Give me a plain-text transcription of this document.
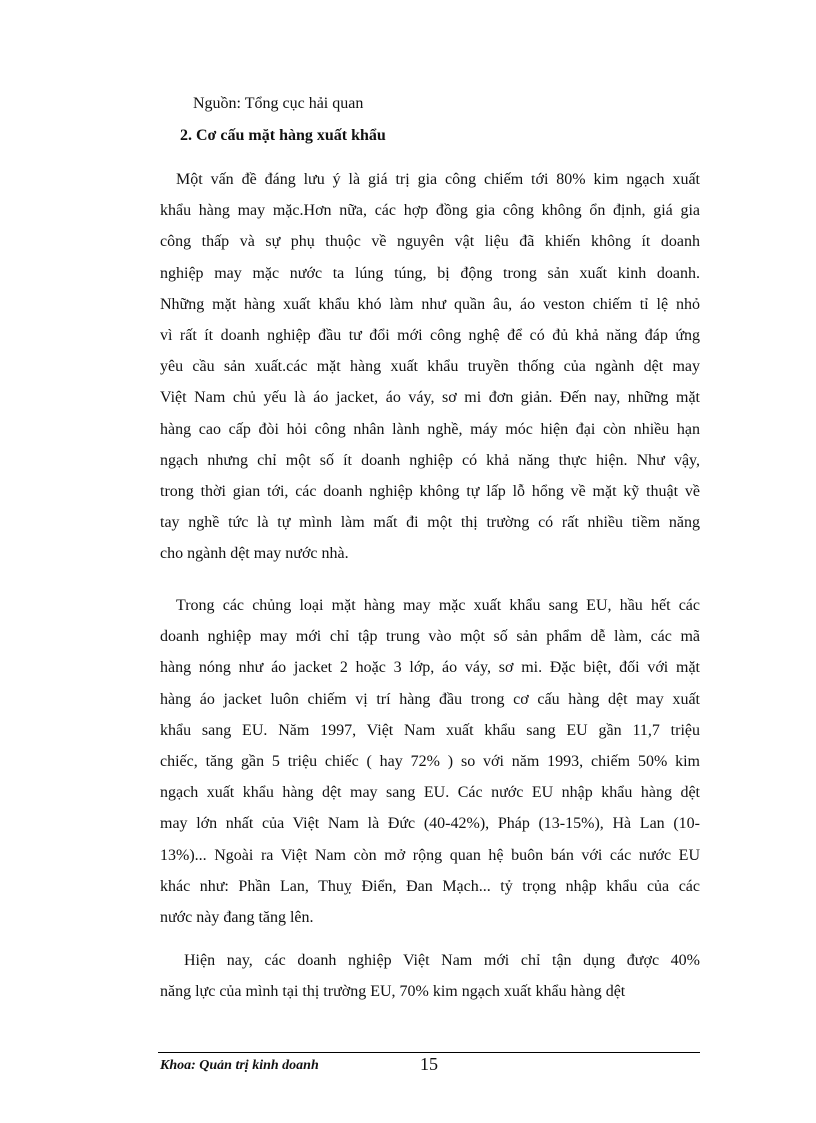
Nguồn: Tổng cục hải quan
2. Cơ cấu mặt hàng xuất khẩu
Một vấn đề đáng lưu ý là giá trị gia công chiếm tới 80% kim ngạch xuất
khẩu hàng may mặc.Hơn nữa, các hợp đồng gia công không ổn định, giá gia
công thấp và sự phụ thuộc về nguyên vật liệu đã khiến không ít doanh
nghiệp may mặc nước ta lúng túng, bị động trong sản xuất kinh doanh.
Những mặt hàng xuất khẩu khó làm như quần âu, áo veston chiếm tỉ lệ nhỏ
vì rất ít doanh nghiệp đầu tư đổi mới công nghệ để có đủ khả năng đáp ứng
yêu cầu sản xuất.các mặt hàng xuất khẩu truyền thống của ngành dệt may
Việt Nam chủ yếu là áo jacket, áo váy, sơ mi đơn giản. Đến nay, những mặt
hàng cao cấp đòi hỏi công nhân lành nghề, máy móc hiện đại còn nhiều hạn
ngạch nhưng chỉ một số ít doanh nghiệp có khả năng thực hiện. Như vậy,
trong thời gian tới, các doanh nghiệp không tự lấp lỗ hổng về mặt kỹ thuật về
tay nghề tức là tự mình làm mất đi một thị trường có rất nhiều tiềm năng
cho ngành dệt may nước nhà.
Trong các chủng loại mặt hàng may mặc xuất khẩu sang EU, hầu hết các
doanh nghiệp may mới chỉ tập trung vào một số sản phẩm dễ làm, các mã
hàng nóng như áo jacket 2 hoặc 3 lớp, áo váy, sơ mi. Đặc biệt, đối với mặt
hàng áo jacket luôn chiếm vị trí hàng đầu trong cơ cấu hàng dệt may xuất
khẩu sang EU. Năm 1997, Việt Nam xuất khẩu sang EU gần 11,7 triệu
chiếc, tăng gần 5 triệu chiếc ( hay 72% ) so với năm 1993, chiếm 50% kim
ngạch xuất khẩu hàng dệt may sang EU. Các nước EU nhập khẩu hàng dệt
may lớn nhất của Việt Nam là Đức (40-42%), Pháp (13-15%), Hà Lan (10-
13%)... Ngoài ra Việt Nam còn mở rộng quan hệ buôn bán với các nước EU
khác như: Phần Lan, Thuỵ Điển, Đan Mạch... tỷ trọng nhập khẩu của các
nước này đang tăng lên.
Hiện nay, các doanh nghiệp Việt Nam mới chỉ tận dụng được 40%
năng lực của mình tại thị trường EU, 70% kim ngạch xuất khẩu hàng dệt
Khoa: Quản trị kinh doanh	15
